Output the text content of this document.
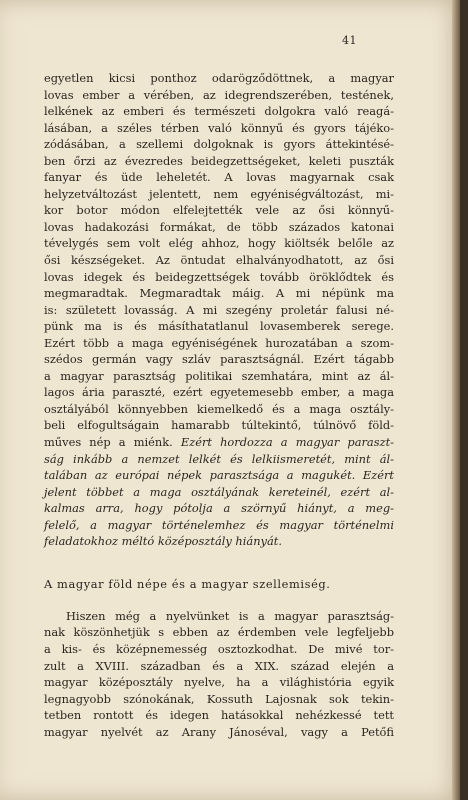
41
egyetlen kicsi ponthoz odarögződöttnek, a magyar
lovas ember a vérében, az idegrendszerében, testének,
lelkének az emberi és természeti dolgokra való reagá-
lásában, a széles térben való könnyű és gyors tájéko-
zódásában, a szellemi dolgoknak is gyors áttekintésé-
ben őrzi az évezredes beidegzettségeket, keleti puszták
fanyar és üde leheletét. A lovas magyarnak csak
helyzetváltozást jelentett, nem egyéniségváltozást, mi-
kor botor módon elfelejtették vele az ősi könnyű-
lovas hadakozási formákat, de több százados katonai
tévelygés sem volt elég ahhoz, hogy kiöltsék belőle az
ősi készségeket. Az öntudat elhalványodhatott, az ősi
lovas idegek és beidegzettségek tovább öröklődtek és
megmaradtak. Megmaradtak máig. A mi népünk ma
is: született lovasság. A mi szegény proletár falusi né-
pünk ma is és másíthatatlanul lovasemberek serege.
Ezért több a maga egyéniségének hurozatában a szom-
szédos germán vagy szláv parasztságnál. Ezért tágabb
a magyar parasztság politikai szemhatára, mint az ál-
lagos ária paraszté, ezért egyetemesebb ember, a maga
osztályából könnyebben kiemelkedő és a maga osztály-
beli elfogultságain hamarabb túltekintő, túlnövő föld-
műves nép a miénk. Ezért hordozza a magyar paraszt-
ság inkább a nemzet lelkét és lelkiismeretét, mint ál-
talában az európai népek parasztsága a magukét. Ezért
jelent többet a maga osztályának kereteinél, ezért al-
kalmas arra, hogy pótolja a szörnyű hiányt, a meg-
felelő, a magyar történelemhez és magyar történelmi
feladatokhoz méltó középosztály hiányát.
A magyar föld népe és a magyar szellemiség.
Hiszen még a nyelvünket is a magyar parasztság-
nak köszönhetjük s ebben az érdemben vele legfeljebb
a kis- és középnemesség osztozkodhat. De mivé tor-
zult a XVIII. században és a XIX. század elején a
magyar középosztály nyelve, ha a világhistória egyik
legnagyobb szónokának, Kossuth Lajosnak sok tekin-
tetben rontott és idegen hatásokkal nehézkessé tett
magyar nyelvét az Arany Jánoséval, vagy a Petőfi
